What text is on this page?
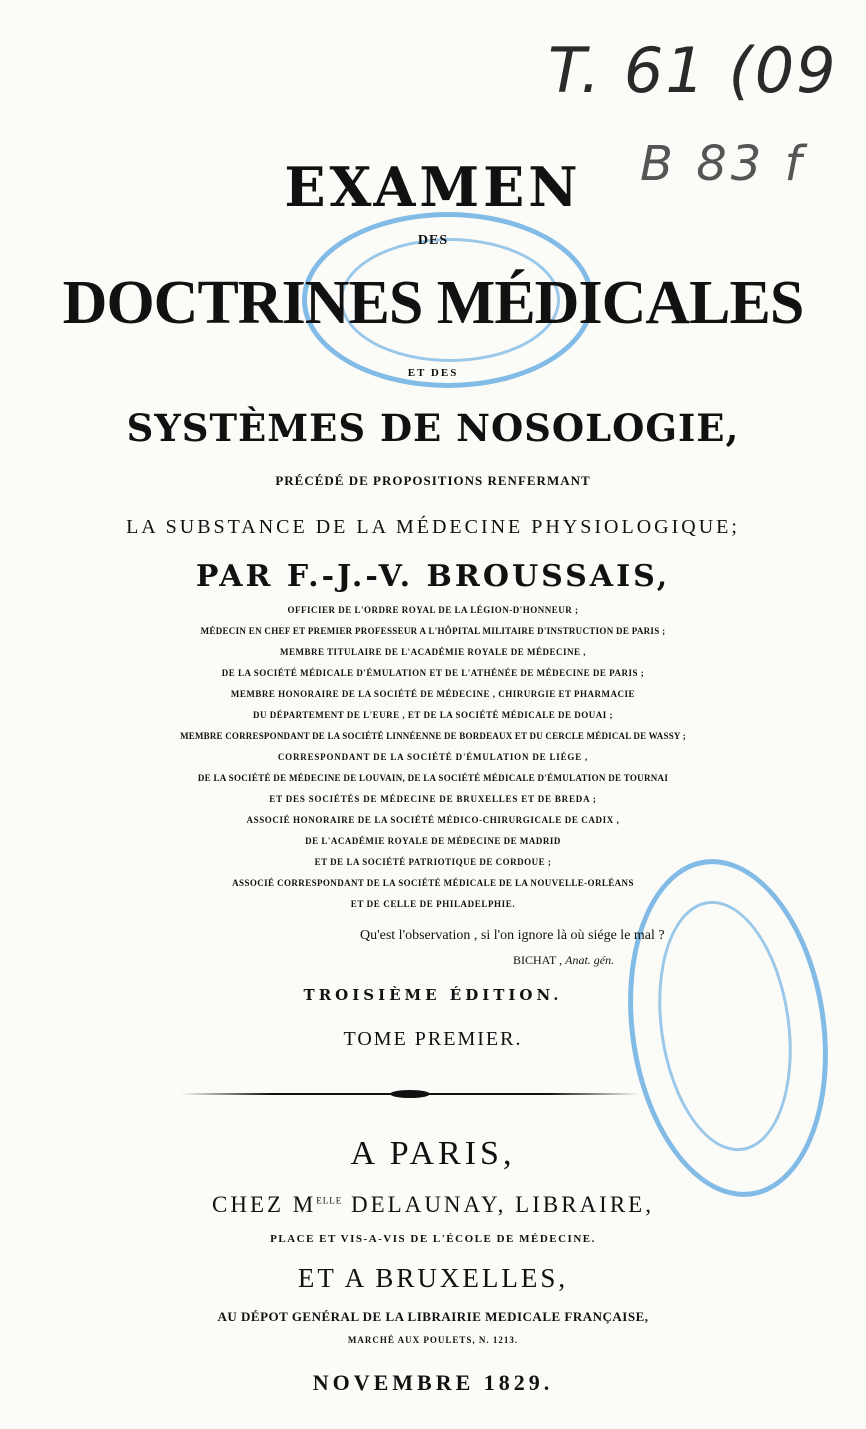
T. 61 (09
B 83 f
EXAMEN
DES
DOCTRINES MÉDICALES
ET DES
SYSTÈMES DE NOSOLOGIE,
PRÉCÉDÉ DE PROPOSITIONS RENFERMANT
LA SUBSTANCE DE LA MÉDECINE PHYSIOLOGIQUE;
PAR F.-J.-V. BROUSSAIS,
OFFICIER DE L'ORDRE ROYAL DE LA LÉGION-D'HONNEUR ;
MÉDECIN EN CHEF ET PREMIER PROFESSEUR A L'HÔPITAL MILITAIRE D'INSTRUCTION DE PARIS ;
MEMBRE TITULAIRE DE L'ACADÉMIE ROYALE DE MÉDECINE ,
DE LA SOCIÉTÉ MÉDICALE D'ÉMULATION ET DE L'ATHÉNÉE DE MÉDECINE DE PARIS ;
MEMBRE HONORAIRE DE LA SOCIÉTÉ DE MÉDECINE , CHIRURGIE ET PHARMACIE
DU DÉPARTEMENT DE L'EURE , ET DE LA SOCIÉTÉ MÉDICALE DE DOUAI ;
MEMBRE CORRESPONDANT DE LA SOCIÉTÉ LINNÉENNE DE BORDEAUX ET DU CERCLE MÉDICAL DE WASSY ;
CORRESPONDANT DE LA SOCIÉTÉ D'ÉMULATION DE LIÉGE ,
DE LA SOCIÉTÉ DE MÉDECINE DE LOUVAIN, DE LA SOCIÉTÉ MÉDICALE D'ÉMULATION DE TOURNAI
ET DES SOCIÉTÉS DE MÉDECINE DE BRUXELLES ET DE BREDA ;
ASSOCIÉ HONORAIRE DE LA SOCIÉTÉ MÉDICO-CHIRURGICALE DE CADIX ,
DE L'ACADÉMIE ROYALE DE MÉDECINE DE MADRID
ET DE LA SOCIÉTÉ PATRIOTIQUE DE CORDOUE ;
ASSOCIÉ CORRESPONDANT DE LA SOCIÉTÉ MÉDICALE DE LA NOUVELLE-ORLÉANS
ET DE CELLE DE PHILADELPHIE.
Qu'est l'observation , si l'on ignore là où siége le mal ?
BICHAT , Anat. gén.
TROISIÈME ÉDITION.
TOME PREMIER.
A PARIS,
CHEZ $M^{ELLE}$ DELAUNAY, LIBRAIRE,
PLACE ET VIS-A-VIS DE L'ÉCOLE DE MÉDECINE.
ET A BRUXELLES,
AU DÉPOT GENÉRAL DE LA LIBRAIRIE MEDICALE FRANÇAISE,
MARCHÉ AUX POULETS, N. 1213.
NOVEMBRE 1829.
